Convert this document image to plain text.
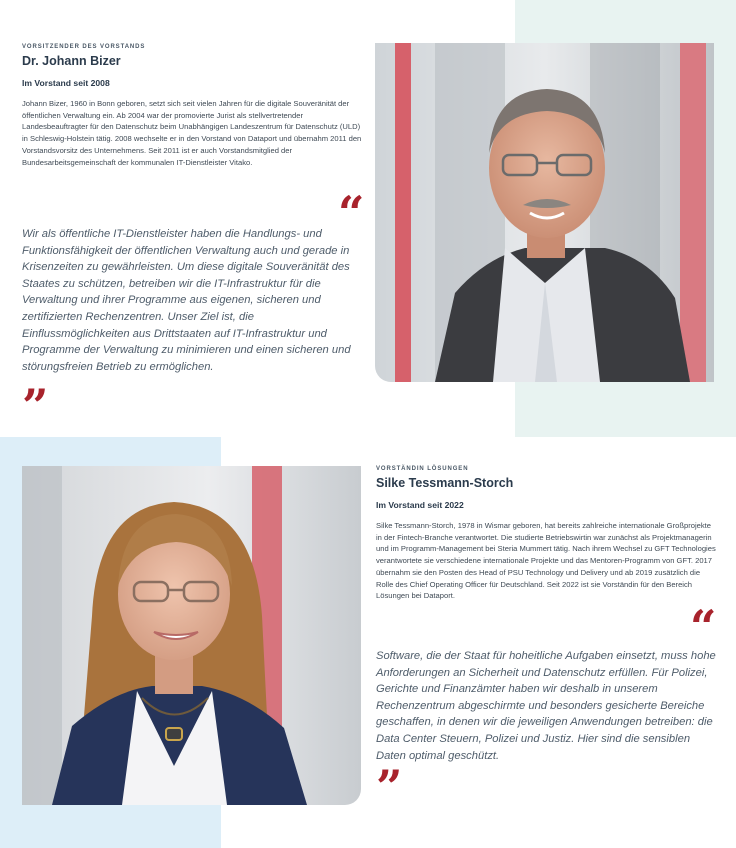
VORSITZENDER DES VORSTANDS
Dr. Johann Bizer
Im Vorstand seit 2008

Johann Bizer, 1960 in Bonn geboren, setzt sich seit vielen Jahren für die digitale Souveränität der öffentlichen Verwaltung ein. Ab 2004 war der promovierte Jurist als stellvertretender Landesbeauftragter für den Datenschutz beim Unabhängigen Landeszentrum für Datenschutz (ULD) in Schleswig-Holstein tätig. 2008 wechselte er in den Vorstand von Dataport und übernahm 2011 den Vorstandsvorsitz des Unternehmens. Seit 2011 ist er auch Vorstandsmitglied der Bundesarbeitsgemeinschaft der kommunalen IT-Dienstleister Vitako.

“

Wir als öffentliche IT-Dienstleister haben die Handlungs- und Funktionsfähigkeit der öffentlichen Verwaltung auch und gerade in Krisenzeiten zu gewährleisten. Um diese digitale Souveränität des Staates zu schützen, betreiben wir die IT-Infrastruktur für die Verwaltung und ihrer Programme aus eigenen, sicheren und zertifizierten Rechenzentren. Unser Ziel ist, die Einflussmöglichkeiten aus Drittstaaten auf IT-Infrastruktur und Programme der Verwaltung zu minimieren und einen sicheren und störungsfreien Betrieb zu ermöglichen.

”
VORSTÄNDIN LÖSUNGEN
Silke Tessmann-Storch
Im Vorstand seit 2022

Silke Tessmann-Storch, 1978 in Wismar geboren, hat bereits zahlreiche internationale Großprojekte in der Fintech-Branche verantwortet. Die studierte Betriebswirtin war zunächst als Projektmanagerin und im Programm-Management bei Steria Mummert tätig. Nach ihrem Wechsel zu GFT Technologies verantwortete sie verschiedene internationale Projekte und das Mentoren-Programm von GFT. 2017 übernahm sie den Posten des Head of PSU Technology und Delivery und ab 2019 zusätzlich die Rolle des Chief Operating Officer für Deutschland. Seit 2022 ist sie Vorständin für den Bereich Lösungen bei Dataport.

“

Software, die der Staat für hoheitliche Aufgaben einsetzt, muss hohe Anforderungen an Sicherheit und Datenschutz erfüllen. Für Polizei, Gerichte und Finanzämter haben wir deshalb in unserem Rechenzentrum abgeschirmte und besonders gesicherte Bereiche geschaffen, in denen wir die jeweiligen Anwendungen betreiben: die Data Center Steuern, Polizei und Justiz. Hier sind die sensiblen Daten optimal geschützt.

”
